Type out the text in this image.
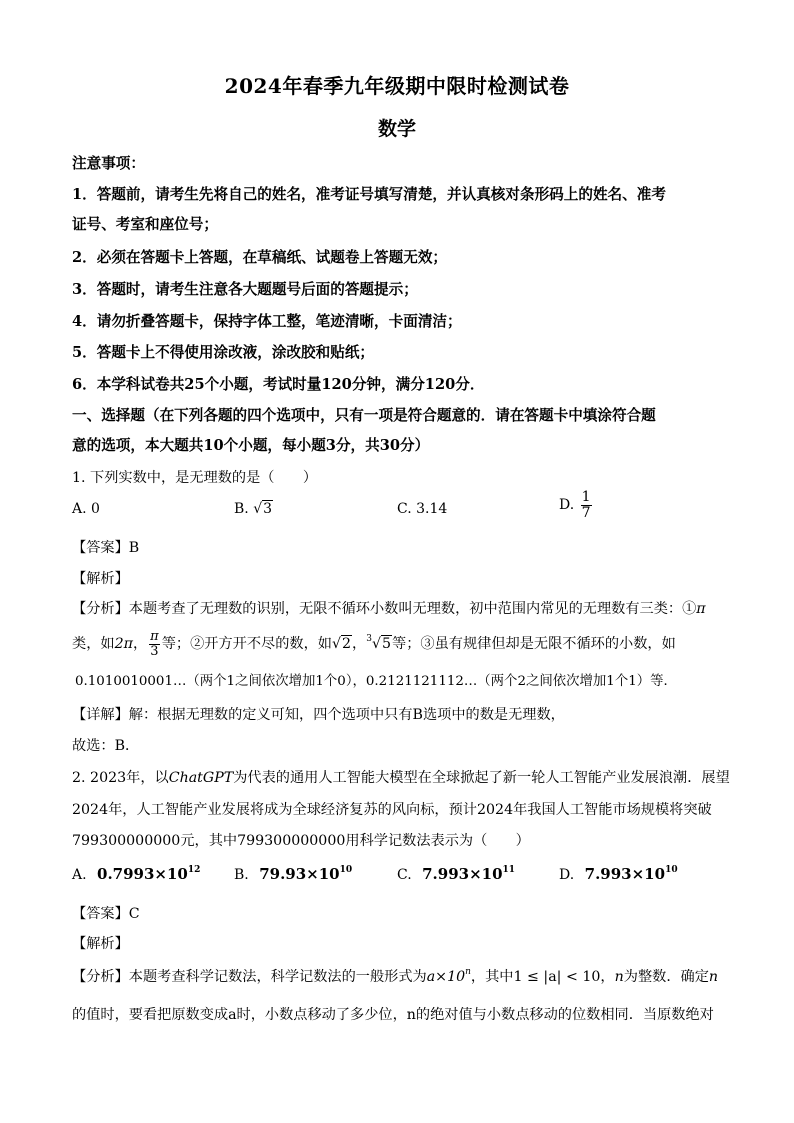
2024年春季九年级期中限时检测试卷
数学
注意事项：
1．答题前，请考生先将自己的姓名，准考证号填写清楚，并认真核对条形码上的姓名、准考
证号、考室和座位号；
2．必须在答题卡上答题，在草稿纸、试题卷上答题无效；
3．答题时，请考生注意各大题题号后面的答题提示；
4．请勿折叠答题卡，保持字体工整，笔迹清晰，卡面清洁；
5．答题卡上不得使用涂改液，涂改胶和贴纸；
6．本学科试卷共25个小题，考试时量120分钟，满分120分．
一、选择题（在下列各题的四个选项中，只有一项是符合题意的．请在答题卡中填涂符合题
意的选项，本大题共10个小题，每小题3分，共30分）
1. 下列实数中，是无理数的是（　　）
A. 0	B. √3	C. 3.14	D. $\frac{1}{7}$
【答案】B
【解析】
【分析】本题考查了无理数的识别，无限不循环小数叫无理数，初中范围内常见的无理数有三类：①π
类，如2π， $\frac{\pi}{3}$ 等；②开方开不尽的数，如√2，$^3$√5等；③虽有规律但却是无限不循环的小数，如
0.1010010001…（两个1之间依次增加1个0），0.2121121112…（两个2之间依次增加1个1）等．
【详解】解：根据无理数的定义可知，四个选项中只有B选项中的数是无理数，
故选：B．
2. 2023年，以ChatGPT为代表的通用人工智能大模型在全球掀起了新一轮人工智能产业发展浪潮．展望
2024年，人工智能产业发展将成为全球经济复苏的风向标，预计2024年我国人工智能市场规模将突破
799300000000元，其中799300000000用科学记数法表示为（　　）
A. $0.7993\times 10^{12}$ B. $79.93\times 10^{10}$	C. $7.993\times 10^{11}$	D. $7.993\times 10^{10}$
【答案】C
【解析】
【分析】本题考查科学记数法，科学记数法的一般形式为$a\times 10^n$，其中1 ≤ |a| < 10，n为整数．确定n
的值时，要看把原数变成a时，小数点移动了多少位，n的绝对值与小数点移动的位数相同．当原数绝对
